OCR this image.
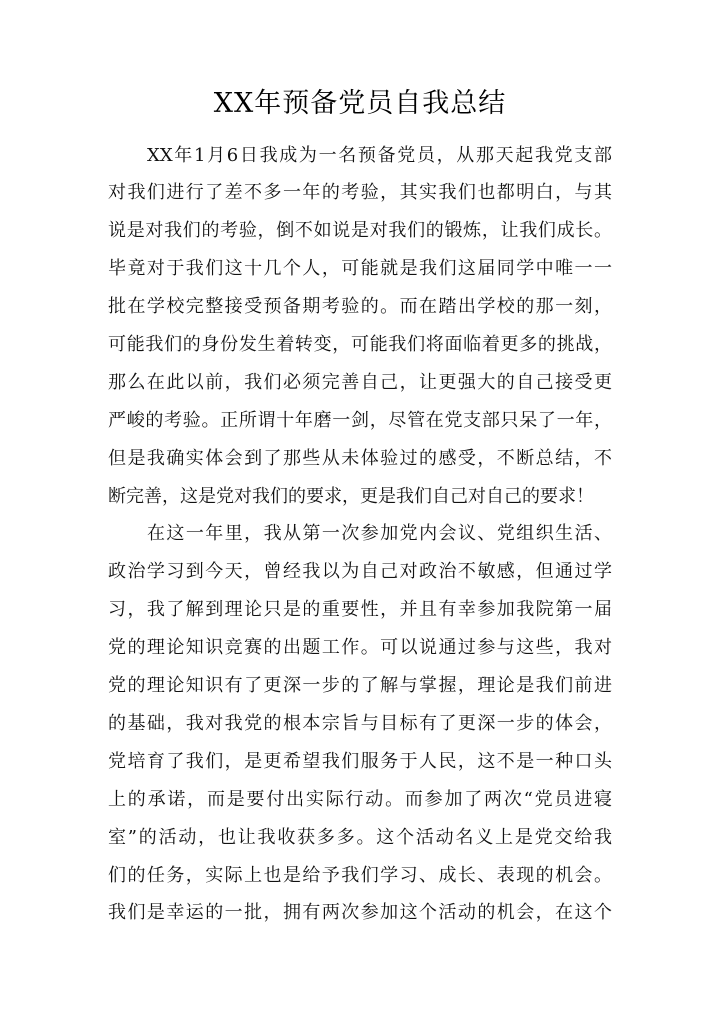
XX年预备党员自我总结
XX年1月6日我成为一名预备党员，从那天起我党支部
对我们进行了差不多一年的考验，其实我们也都明白，与其
说是对我们的考验，倒不如说是对我们的锻炼，让我们成长。
毕竟对于我们这十几个人，可能就是我们这届同学中唯一一
批在学校完整接受预备期考验的。而在踏出学校的那一刻，
可能我们的身份发生着转变，可能我们将面临着更多的挑战，
那么在此以前，我们必须完善自己，让更强大的自己接受更
严峻的考验。正所谓十年磨一剑，尽管在党支部只呆了一年，
但是我确实体会到了那些从未体验过的感受，不断总结，不
断完善，这是党对我们的要求，更是我们自己对自己的要求！
在这一年里，我从第一次参加党内会议、党组织生活、
政治学习到今天，曾经我以为自己对政治不敏感，但通过学
习，我了解到理论只是的重要性，并且有幸参加我院第一届
党的理论知识竞赛的出题工作。可以说通过参与这些，我对
党的理论知识有了更深一步的了解与掌握，理论是我们前进
的基础，我对我党的根本宗旨与目标有了更深一步的体会，
党培育了我们，是更希望我们服务于人民，这不是一种口头
上的承诺，而是要付出实际行动。而参加了两次“党员进寝
室”的活动，也让我收获多多。这个活动名义上是党交给我
们的任务，实际上也是给予我们学习、成长、表现的机会。
我们是幸运的一批，拥有两次参加这个活动的机会，在这个
